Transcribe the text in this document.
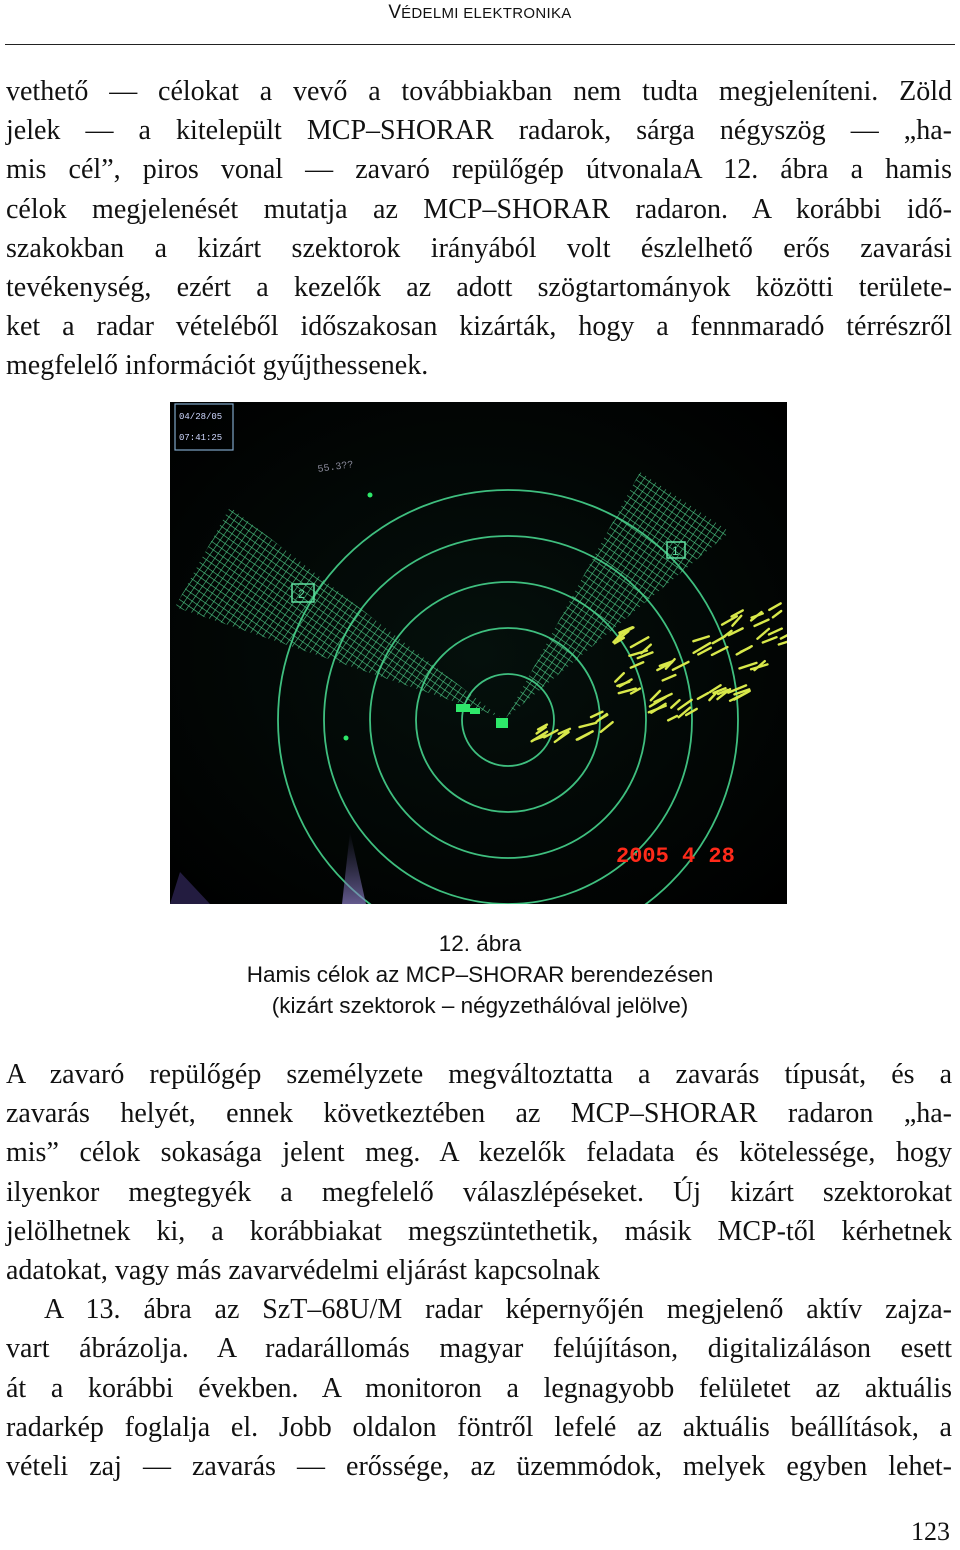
VÉDELMI ELEKTRONIKA
vethető — célokat a vevő a továbbiakban nem tudta megjeleníteni. Zöld
jelek — a kitelepült MCP–SHORAR radarok, sárga négyszög — „ha-
mis cél”, piros vonal — zavaró repülőgép útvonalaA 12. ábra a hamis
célok megjelenését mutatja az MCP–SHORAR radaron. A korábbi idő-
szakokban a kizárt szektorok irányából volt észlelhető erős zavarási
tevékenység, ezért a kezelők az adott szögtartományok közötti területe-
ket a radar vételéből időszakosan kizárták, hogy a fennmaradó térrészről
megfelelő információt gyűjthessenek.
04/28/05
07:41:25
55.3??
2
1
2005 4 28
12. ábra
Hamis célok az MCP–SHORAR berendezésen
(kizárt szektorok – négyzethálóval jelölve)
A zavaró repülőgép személyzete megváltoztatta a zavarás típusát, és a
zavarás helyét, ennek következtében az MCP–SHORAR radaron „ha-
mis” célok sokasága jelent meg. A kezelők feladata és kötelessége, hogy
ilyenkor megtegyék a megfelelő válaszlépéseket. Új kizárt szektorokat
jelölhetnek ki, a korábbiakat megszüntethetik, másik MCP-től kérhetnek
adatokat, vagy más zavarvédelmi eljárást kapcsolnak
A 13. ábra az SzT–68U/M radar képernyőjén megjelenő aktív zajza-
vart ábrázolja. A radarállomás magyar felújításon, digitalizáláson esett
át a korábbi években. A monitoron a legnagyobb felületet az aktuális
radarkép foglalja el. Jobb oldalon föntről lefelé az aktuális beállítások, a
vételi zaj — zavarás — erőssége, az üzemmódok, melyek egyben lehet-
123
